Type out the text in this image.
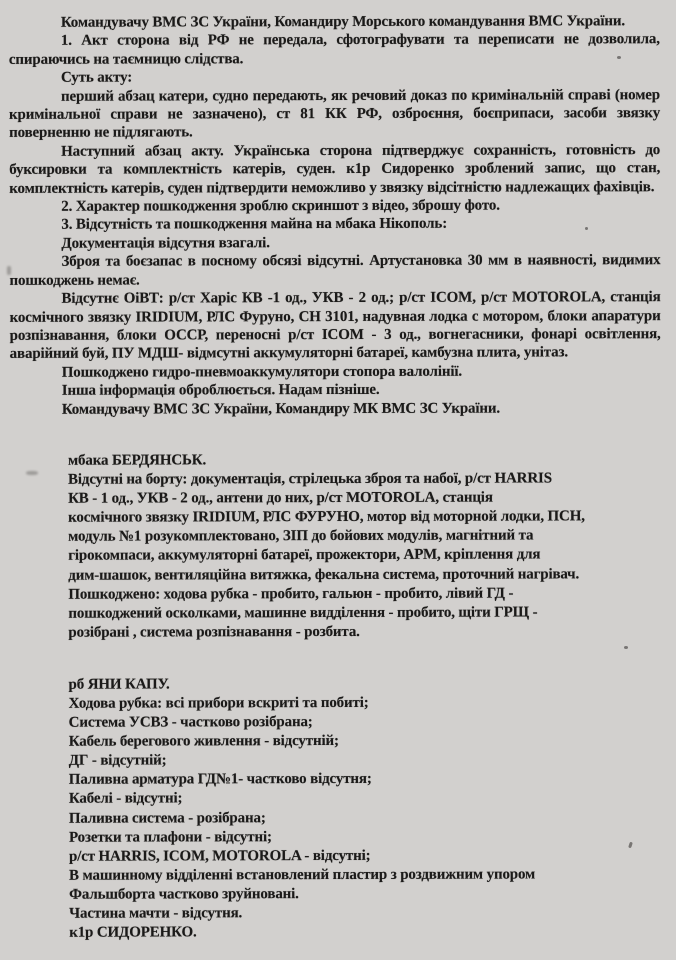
Командувачу ВМС ЗС України, Командиру Морського командування ВМС України.

1. Акт сторона від РФ не передала, сфотографувати та переписати не дозволила, спираючись на таємницю слідства.

Суть акту:

перший абзац катери, судно передають, як речовий доказ по кримінальній справі (номер кримінальної справи не зазначено), ст 81 КК РФ, озброєння, боєприпаси, засоби звязку поверненню не підлягають.

Наступний абзац акту. Українська сторона підтверджує сохранність, готовність до буксировки та комплектність катерів, суден. к1р Сидоренко зроблений запис, що стан, комплектність катерів, суден підтвердити неможливо у звязку відсітністю надлежащих фахівців.

2. Характер пошкодження зроблю скриншот з відео, зброшу фото.

3. Відсутність та пошкодження майна на мбака Нікополь:

Документація відсутня взагалі.

Зброя та боєзапас в посному обсязі відсутні. Артустановка 30 мм в наявності, видимих пошкоджень немає.

Відсутнє ОіВТ: р/ст Харіс КВ -1 од., УКВ - 2 од.; р/ст ICOM, р/ст MOTOROLA, станція космічного звязку IRIDIUM, РЛС Фуруно, СН 3101, надувная лодка с мотором, блоки апаратури розпізнавання, блоки ОССР, переносні р/ст ICOM - 3 од., вогнегасники, фонарі освітлення, аварійний буй, ПУ МДШ- відмсутні аккумуляторні батареї, камбузна плита, унітаз.

Пошкоджено гидро-пневмоаккумулятори стопора валолінії.

Інша інформація оброблюється. Надам пізніше.

Командувачу ВМС ЗС України, Командиру МК ВМС ЗС України.

мбака БЕРДЯНСЬК.
Відсутні на борту: документація, стрілецька зброя та набої, р/ст HARRIS
КВ - 1 од., УКВ - 2 од., антени до них, р/ст MOTOROLA, станція
космічного звязку IRIDIUM, РЛС ФУРУНО, мотор від моторной лодки, ПСН,
модуль №1 розукомплектовано, ЗІП до бойових модулів, магнітний та
гірокомпаси, аккумуляторні батареї, прожектори, АРМ, кріплення для
дим-шашок, вентиляційна витяжка, фекальна система, проточний нагрівач.
Пошкоджено: ходова рубка - пробито, гальюн - пробито, лівий ГД -
пошкоджений осколками, машинне видділення - пробито, щіти ГРЩ -
розібрані , система розпізнавання - розбита.
рб ЯНИ КАПУ.
Ходова рубка: всі прибори вскриті та побиті;
Система УСВЗ - частково розібрана;
Кабель берегового живлення - відсутній;
ДГ - відсутній;
Паливна арматура ГД№1- частково відсутня;
Кабелі - відсутні;
Паливна система - розібрана;
Розетки та плафони - відсутні;
р/ст HARRIS, ICOM, MOTOROLA - відсутні;
В машинному відділенні встановлений пластир з роздвижним упором
Фальшборта частково зруйновані.
Частина мачти - відсутня.
к1р СИДОРЕНКО.
